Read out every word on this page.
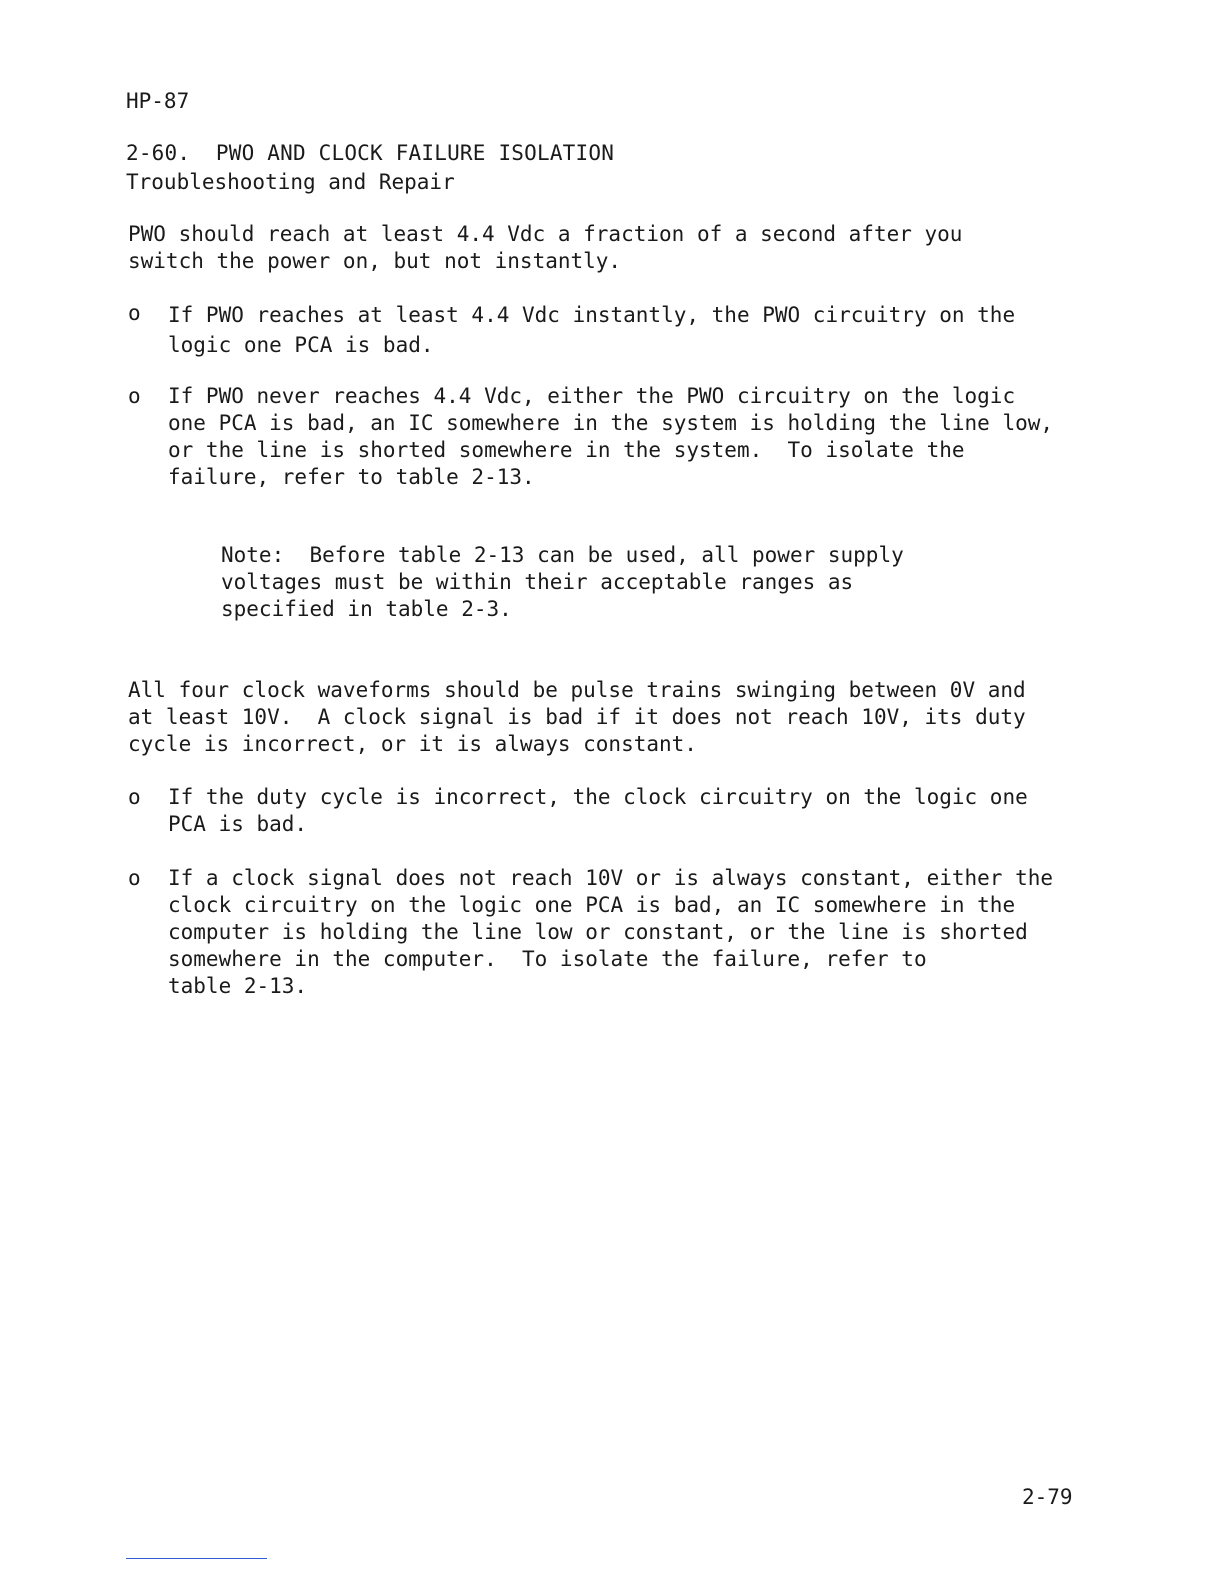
HP-87

Troubleshooting and Repair

2-60.  PWO AND CLOCK FAILURE ISOLATION
PWO should reach at least 4.4 Vdc a fraction of a second after you
switch the power on, but not instantly.
o If PWO reaches at least 4.4 Vdc instantly, the PWO circuitry on the
logic one PCA is bad.
o If PWO never reaches 4.4 Vdc, either the PWO circuitry on the logic
one PCA is bad, an IC somewhere in the system is holding the line low,
or the line is shorted somewhere in the system.  To isolate the
failure, refer to table 2-13.
Note:  Before table 2-13 can be used, all power supply
voltages must be within their acceptable ranges as
specified in table 2-3.
All four clock waveforms should be pulse trains swinging between 0V and
at least 10V.  A clock signal is bad if it does not reach 10V, its duty
cycle is incorrect, or it is always constant.
o If the duty cycle is incorrect, the clock circuitry on the logic one
PCA is bad.
o If a clock signal does not reach 10V or is always constant, either the
clock circuitry on the logic one PCA is bad, an IC somewhere in the
computer is holding the line low or constant, or the line is shorted
somewhere in the computer.  To isolate the failure, refer to
table 2-13.
2-79
